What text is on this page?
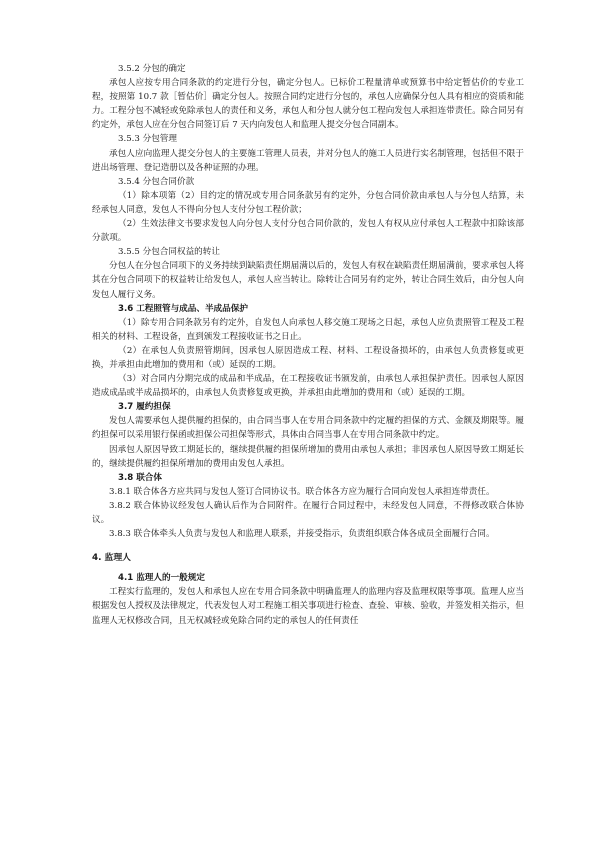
3.5.2 分包的确定

承包人应按专用合同条款的约定进行分包，确定分包人。已标价工程量清单或预算书中给定暂估价的专业工程，按照第 10.7 款［暂估价］确定分包人。按照合同约定进行分包的，承包人应确保分包人具有相应的资质和能力。工程分包不减轻或免除承包人的责任和义务，承包人和分包人就分包工程向发包人承担连带责任。除合同另有约定外，承包人应在分包合同签订后 7 天内向发包人和监理人提交分包合同副本。

3.5.3 分包管理

承包人应向监理人提交分包人的主要施工管理人员表，并对分包人的施工人员进行实名制管理，包括但不限于进出场管理、登记造册以及各种证照的办理。

3.5.4 分包合同价款

（1）除本项第（2）目约定的情况或专用合同条款另有约定外，分包合同价款由承包人与分包人结算，未经承包人同意，发包人不得向分包人支付分包工程价款；

（2）生效法律文书要求发包人向分包人支付分包合同价款的，发包人有权从应付承包人工程款中扣除该部分款项。

3.5.5 分包合同权益的转让

分包人在分包合同项下的义务持续到缺陷责任期届满以后的，发包人有权在缺陷责任期届满前，要求承包人将其在分包合同项下的权益转让给发包人，承包人应当转让。除转让合同另有约定外，转让合同生效后，由分包人向发包人履行义务。

3.6 工程照管与成品、半成品保护

（1）除专用合同条款另有约定外，自发包人向承包人移交施工现场之日起，承包人应负责照管工程及工程相关的材料、工程设备，直到颁发工程接收证书之日止。

（2）在承包人负责照管期间，因承包人原因造成工程、材料、工程设备损坏的，由承包人负责修复或更换，并承担由此增加的费用和（或）延误的工期。

（3）对合同内分期完成的成品和半成品，在工程接收证书颁发前，由承包人承担保护责任。因承包人原因造成成品或半成品损坏的，由承包人负责修复或更换，并承担由此增加的费用和（或）延误的工期。

3.7 履约担保

发包人需要承包人提供履约担保的，由合同当事人在专用合同条款中约定履约担保的方式、金额及期限等。履约担保可以采用银行保函或担保公司担保等形式，具体由合同当事人在专用合同条款中约定。

因承包人原因导致工期延长的，继续提供履约担保所增加的费用由承包人承担；非因承包人原因导致工期延长的，继续提供履约担保所增加的费用由发包人承担。

3.8 联合体

3.8.1 联合体各方应共同与发包人签订合同协议书。联合体各方应为履行合同向发包人承担连带责任。

3.8.2 联合体协议经发包人确认后作为合同附件。在履行合同过程中，未经发包人同意，不得修改联合体协议。

3.8.3 联合体牵头人负责与发包人和监理人联系，并接受指示，负责组织联合体各成员全面履行合同。

4. 监理人

4.1 监理人的一般规定

工程实行监理的，发包人和承包人应在专用合同条款中明确监理人的监理内容及监理权限等事项。监理人应当根据发包人授权及法律规定，代表发包人对工程施工相关事项进行检查、查验、审核、验收，并签发相关指示，但监理人无权修改合同，且无权减轻或免除合同约定的承包人的任何责任
